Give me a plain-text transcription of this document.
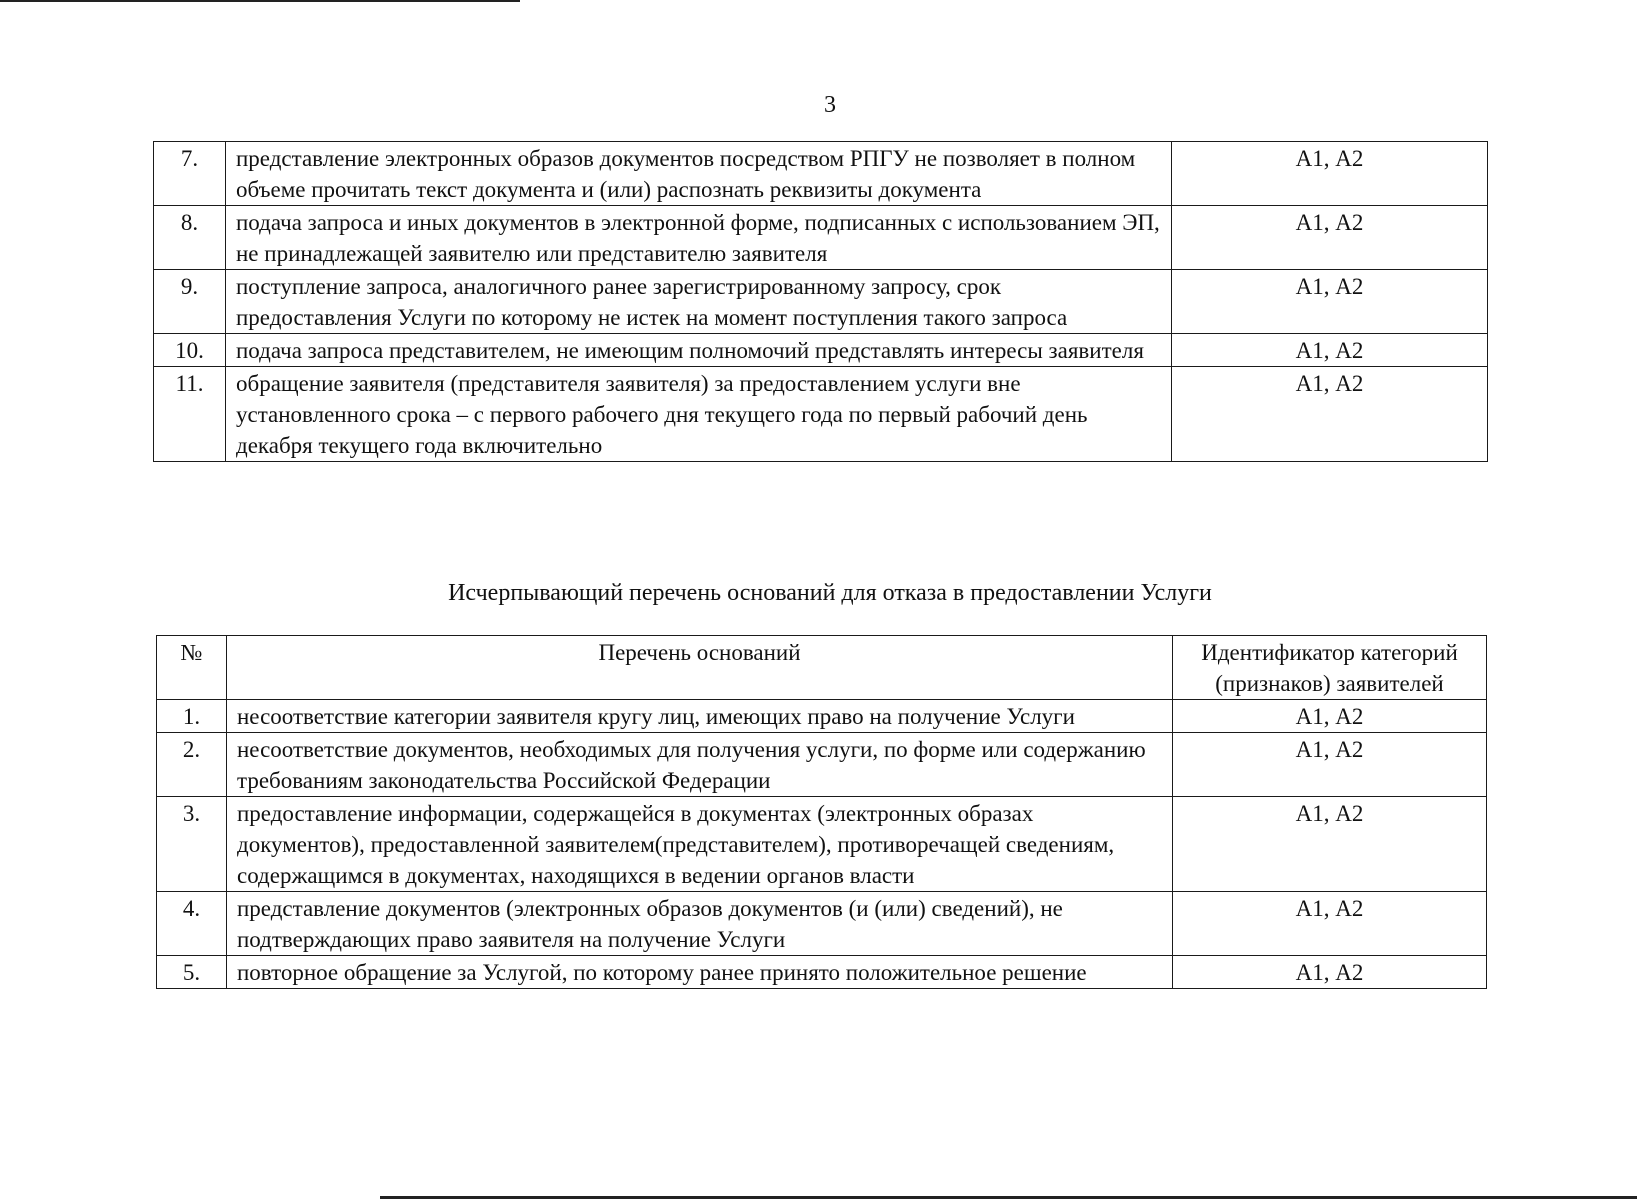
3
7.	представление электронных образов документов посредством РПГУ не позволяет в полном объеме прочитать текст документа и (или) распознать реквизиты документа	А1, А2
8.	подача запроса и иных документов в электронной форме, подписанных с использованием ЭП, не принадлежащей заявителю или представителю заявителя	А1, А2
9.	поступление запроса, аналогичного ранее зарегистрированному запросу, срок предоставления Услуги по которому не истек на момент поступления такого запроса	А1, А2
10.	подача запроса представителем, не имеющим полномочий представлять интересы заявителя	А1, А2
11.	обращение заявителя (представителя заявителя) за предоставлением услуги вне установленного срока – с первого рабочего дня текущего года по первый рабочий день декабря текущего года включительно	А1, А2
Исчерпывающий перечень оснований для отказа в предоставлении Услуги
№	Перечень оснований	Идентификатор категорий (признаков) заявителей
1.	несоответствие категории заявителя кругу лиц, имеющих право на получение Услуги	А1, А2
2.	несоответствие документов, необходимых для получения услуги, по форме или содержанию требованиям законодательства Российской Федерации	А1, А2
3.	предоставление информации, содержащейся в документах (электронных образах документов), предоставленной заявителем(представителем), противоречащей сведениям, содержащимся в документах, находящихся в ведении органов власти	А1, А2
4.	представление документов (электронных образов документов (и (или) сведений), не подтверждающих право заявителя на получение Услуги	А1, А2
5.	повторное обращение за Услугой, по которому ранее принято положительное решение	А1, А2
